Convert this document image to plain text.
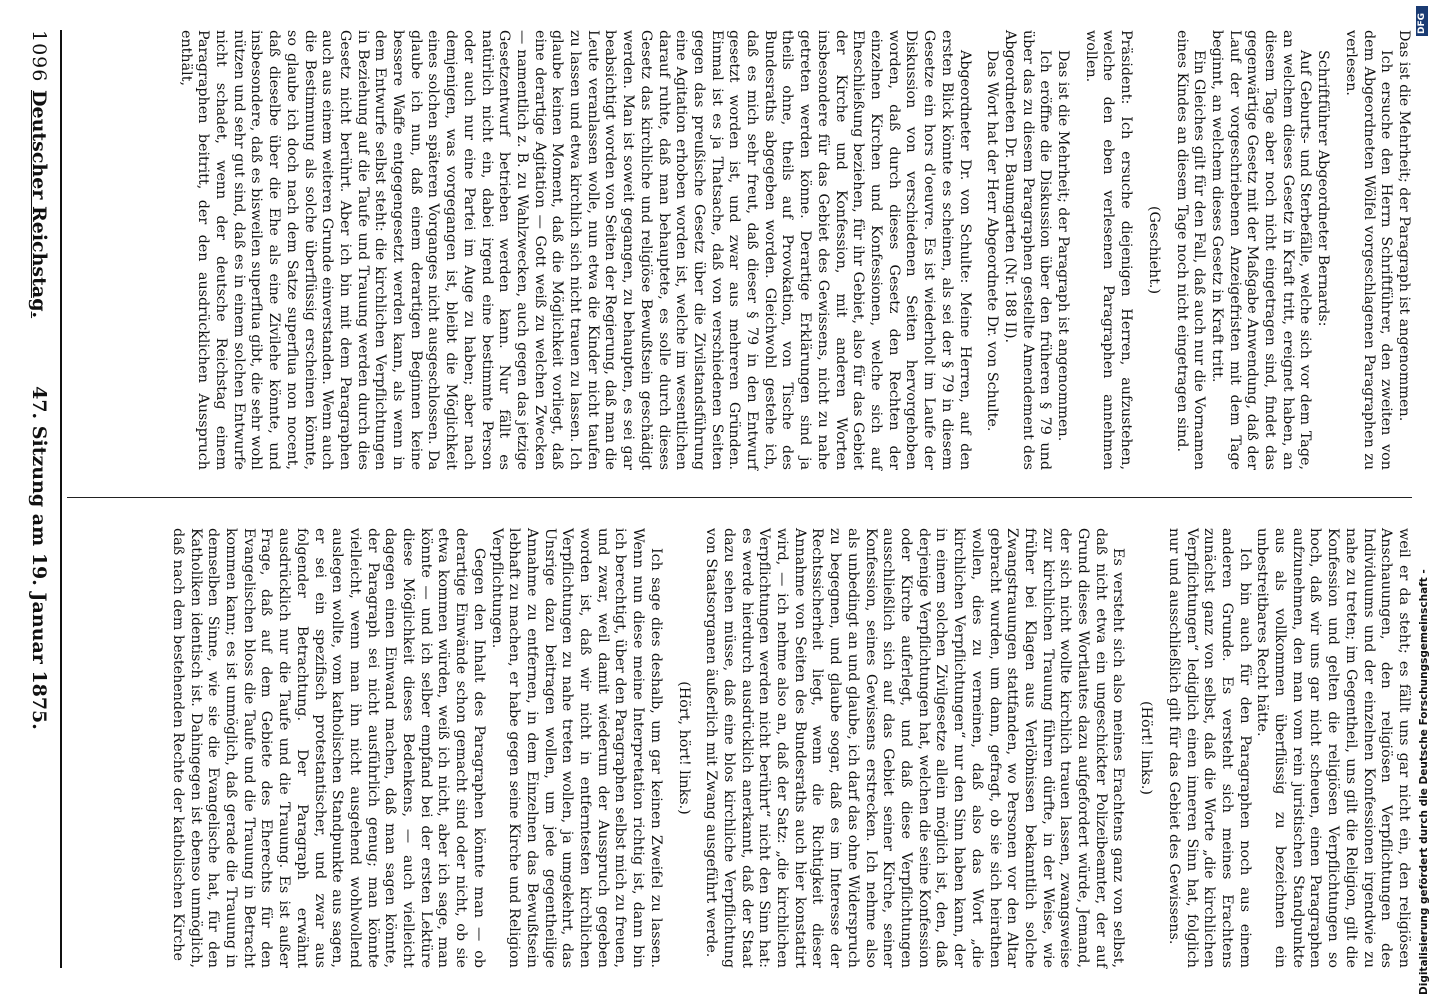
1096
Deutscher Reichstag.
47. Sitzung am 19. Januar 1875.

Das ist die Mehrheit; der Paragraph ist angenommen.

Ich ersuche den Herrn Schriftführer, den zweiten von dem Abgeordneten Wölfel vorgeschlagenen Paragraphen zu verlesen.

Schriftführer Abgeordneter Bernards:

Auf Geburts- und Sterbefälle, welche sich vor dem Tage, an welchem dieses Gesetz in Kraft tritt, ereignet haben, an diesem Tage aber noch nicht eingetragen sind, findet das gegenwärtige Gesetz mit der Maßgabe Anwendung, daß der Lauf der vorgeschriebenen Anzeigefristen mit dem Tage beginnt, an welchem dieses Gesetz in Kraft tritt.

Ein Gleiches gilt für den Fall, daß auch nur die Vornamen eines Kindes an diesem Tage noch nicht eingetragen sind.

(Geschieht.)

Präsident: Ich ersuche diejenigen Herren, aufzustehen, welche den eben verlesenen Paragraphen annehmen wollen.

Das ist die Mehrheit; der Paragraph ist angenommen.

Ich eröffne die Diskussion über den früheren § 79 und über das zu diesem Paragraphen gestellte Amendement des Abgeordneten Dr. Baumgarten (Nr. 188 II).

Das Wort hat der Herr Abgeordnete Dr. von Schulte.

Abgeordneter Dr. von Schulte: Meine Herren, auf den ersten Blick könnte es scheinen, als sei der § 79 in diesem Gesetze ein hors d'oeuvre. Es ist wiederholt im Laufe der Diskussion von verschiedenen Seiten hervorgehoben worden, daß durch dieses Gesetz den Rechten der einzelnen Kirchen und Konfessionen, welche sich auf Eheschließung beziehen, für ihr Gebiet, also für das Gebiet der Kirche und Konfession, mit anderen Worten insbesondere für das Gebiet des Gewissens, nicht zu nahe getreten werden könne. Derartige Erklärungen sind ja theils ohne, theils auf Provokation, von Tische des Bundesraths abgegeben worden. Gleichwohl gestehe ich, daß es mich sehr freut, daß dieser § 79 in den Entwurf gesetzt worden ist, und zwar aus mehreren Gründen. Einmal ist es ja Thatsache, daß von verschiedenen Seiten gegen das preußische Gesetz über die Zivilstandsführung eine Agitation erhoben worden ist, welche im wesentlichen darauf ruhte, daß man behauptete, es solle durch dieses Gesetz das kirchliche und religiöse Bewußtsein geschädigt werden. Man ist soweit gegangen, zu behaupten, es sei gar beabsichtigt worden von Seiten der Regierung, daß man die Leute veranlassen wolle, nun etwa die Kinder nicht taufen zu lassen und etwa kirchlich sich nicht trauen zu lassen. Ich glaube keinen Moment, daß die Möglichkeit vorliegt, daß eine derartige Agitation — Gott weiß zu welchen Zwecken — namentlich z. B. zu Wahlzwecken, auch gegen das jetzige Gesetzentwurf betrieben werden kann. Nur fällt es natürlich nicht ein, dabei irgend eine bestimmte Person oder auch nur eine Partei im Auge zu haben; aber nach demjenigen, was vorgegangen ist, bleibt die Möglichkeit eines solchen späteren Vorganges nicht ausgeschlossen. Da glaube ich nun, daß einem derartigen Beginnen keine bessere Waffe entgegengesetzt werden kann, als wenn in dem Entwurfe selbst steht: die kirchlichen Verpflichtungen in Beziehung auf die Taufe und Trauung werden durch dies Gesetz nicht berührt. Aber ich bin mit dem Paragraphen auch aus einem weiteren Grunde einverstanden. Wenn auch die Bestimmung als solche überflüssig erscheinen könnte, so glaube ich doch nach dem Satze superflua non nocent, daß dieselbe über die Ehe als eine Zivilehe könnte, und insbesondere, daß es bisweilen superflua gibt, die sehr wohl nützen und sehr gut sind, daß es in einem solchen Entwurfe nicht schadet, wenn der deutsche Reichstag einem Paragraphen beitritt, der den ausdrücklichen Ausspruch enthält,

weil er da steht; es fällt uns gar nicht ein, den religiösen Anschauungen, den religiösen Verpflichtungen des Individuums und der einzelnen Konfessionen irgendwie zu nahe zu treten; im Gegentheil, uns gilt die Religion, gilt die Konfession und gelten die religiösen Verpflichtungen so hoch, daß wir uns gar nicht scheuen, einen Paragraphen aufzunehmen, den man vom rein juristischen Standpunkte aus als vollkommen überflüssig zu bezeichnen ein unbestreitbares Recht hätte.

Ich bin auch für den Paragraphen noch aus einem anderen Grunde. Es versteht sich meines Erachtens zunächst ganz von selbst, daß die Worte „die kirchlichen Verpflichtungen“ lediglich einen inneren Sinn hat, folglich nur und ausschließlich gilt für das Gebiet des Gewissens.

(Hört! links.)

Es versteht sich also meines Erachtens ganz von selbst, daß nicht etwa ein ungeschickter Polizeibeamter, der auf Grund dieses Wortlautes dazu aufgefordert würde, Jemand, der sich nicht wollte kirchlich trauen lassen, zwangsweise zur kirchlichen Trauung führen dürfte, in der Weise, wie früher bei Klagen aus Verlöbnissen bekanntlich solche Zwangstrauungen stattfanden, wo Personen vor den Altar gebracht wurden, um dann, gefragt, ob sie sich heirathen wollen, dies zu verneinen, daß also das Wort „die kirchlichen Verpflichtungen“ nur den Sinn haben kann, der in einem solchen Zivilgesetze allein möglich ist, den, daß derjenige Verpflichtungen hat, welchen die seine Konfession oder Kirche auferlegt, und daß diese Verpflichtungen ausschließlich sich auf das Gebiet seiner Kirche, seiner Konfession, seines Gewissens erstrecken. Ich nehme also als unbedingt an und glaube, ich darf das ohne Widerspruch zu begegnen, und glaube sogar, daß es im Interesse der Rechtssicherheit liegt, wenn die Richtigkeit dieser Annahme von Seiten des Bundesraths auch hier konstatirt wird, — ich nehme also an, daß der Satz: „die kirchlichen Verpflichtungen werden nicht berührt“ nicht den Sinn hat: es werde hierdurch ausdrücklich anerkannt, daß der Staat dazu sehen müsse, daß eine blos kirchliche Verpflichtung von Staatsorganen äußerlich mit Zwang ausgeführt werde.

(Hört, hört! links.)

Ich sage dies deshalb, um gar keinen Zweifel zu lassen. Wenn nun diese meine Interpretation richtig ist, dann bin ich berechtigt, über den Paragraphen selbst mich zu freuen, und zwar, weil damit wiederum der Ausspruch gegeben worden ist, daß wir nicht in entferntesten kirchlichen Verpflichtungen zu nahe treten wollen, ja umgekehrt, das Unsrige dazu beitragen wollen, um jede gegentheilige Annahme zu entfernen, in dem Einzelnen das Bewußtsein lebhaft zu machen, er habe gegen seine Kirche und Religion Verpflichtungen.

Gegen den Inhalt des Paragraphen könnte man — ob derartige Einwände schon gemacht sind oder nicht, ob sie etwa kommen würden, weiß ich nicht, aber ich sage, man könnte — und ich selber empfand bei der ersten Lektüre diese Möglichkeit dieses Bedenkens, — auch vielleicht dagegen einen Einwand machen, daß man sagen könnte, der Paragraph sei nicht ausführlich genug; man könnte vielleicht, wenn man ihn nicht ausgehend wohlwollend auslegen wollte, vom katholischen Standpunkte aus sagen, er sei ein spezifisch protestantischer, und zwar aus folgender Betrachtung. Der Paragraph erwähnt ausdrücklich nur die Taufe und die Trauung. Es ist außer Frage, daß auf dem Gebiete des Eherechts für den Evangelischen bloss die Taufe und die Trauung in Betracht kommen kann; es ist unmöglich, daß gerade die Trauung in demselben Sinne, wie sie die Evangelische hat, für den Katholiken identisch ist. Dahingegen ist ebenso unmöglich, daß nach dem bestehenden Rechte der katholischen Kirche	Digitalisierung gefördert durch die Deutsche Forschungsgemeinschaft -
DFG
